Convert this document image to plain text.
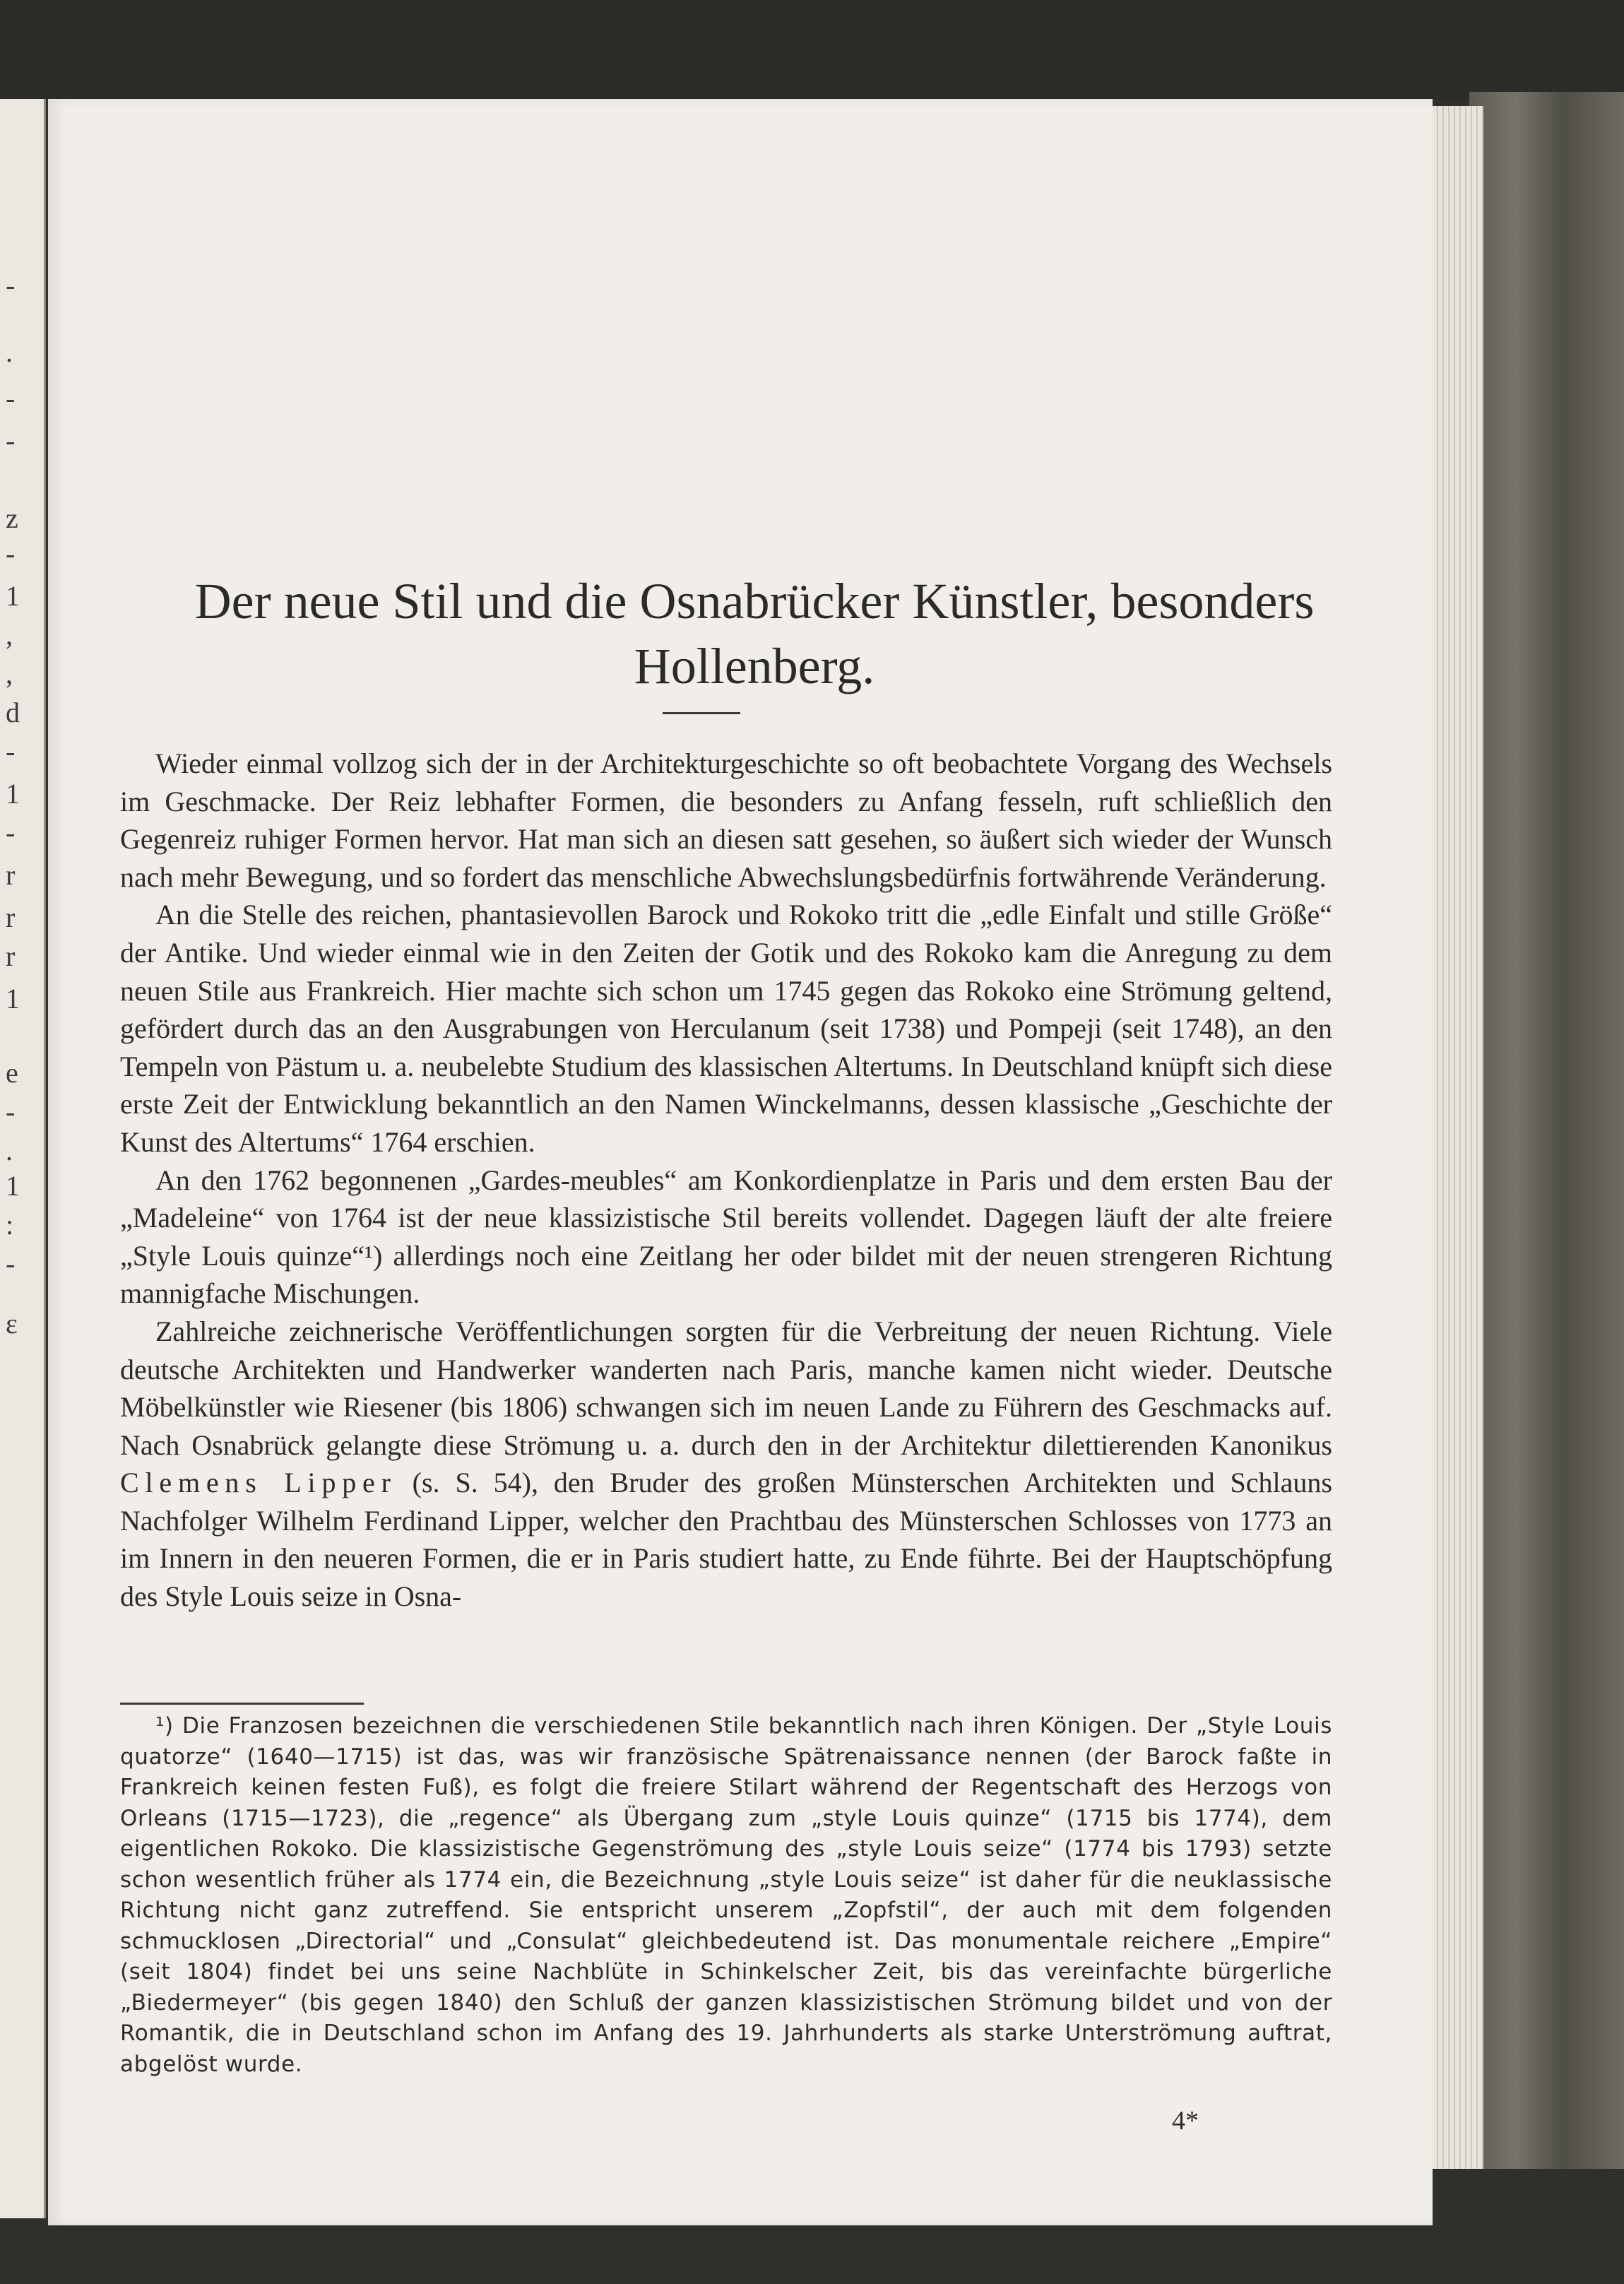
-
.
-
-
z
-
1
,
,
d
-
1
-
r
r
r
1
e
-
.
1
:
-
ε
Der neue Stil und die Osnabrücker Künstler, besonders Hollenberg.

Wieder einmal vollzog sich der in der Architekturgeschichte so oft beobachtete Vorgang des Wechsels im Geschmacke. Der Reiz lebhafter Formen, die besonders zu Anfang fesseln, ruft schließlich den Gegenreiz ruhiger Formen hervor. Hat man sich an diesen satt gesehen, so äußert sich wieder der Wunsch nach mehr Bewegung, und so fordert das menschliche Abwechslungsbedürfnis fortwährende Veränderung.

An die Stelle des reichen, phantasievollen Barock und Rokoko tritt die „edle Einfalt und stille Größe“ der Antike. Und wieder einmal wie in den Zeiten der Gotik und des Rokoko kam die Anregung zu dem neuen Stile aus Frankreich. Hier machte sich schon um 1745 gegen das Rokoko eine Strömung geltend, gefördert durch das an den Ausgrabungen von Herculanum (seit 1738) und Pompeji (seit 1748), an den Tempeln von Pästum u. a. neubelebte Studium des klassischen Altertums. In Deutschland knüpft sich diese erste Zeit der Entwicklung bekanntlich an den Namen Winckelmanns, dessen klassische „Geschichte der Kunst des Altertums“ 1764 erschien.

An den 1762 begonnenen „Gardes-meubles“ am Konkordienplatze in Paris und dem ersten Bau der „Madeleine“ von 1764 ist der neue klassizistische Stil bereits vollendet. Dagegen läuft der alte freiere „Style Louis quinze“¹) allerdings noch eine Zeitlang her oder bildet mit der neuen strengeren Richtung mannigfache Mischungen.

Zahlreiche zeichnerische Veröffentlichungen sorgten für die Verbreitung der neuen Richtung. Viele deutsche Architekten und Handwerker wanderten nach Paris, manche kamen nicht wieder. Deutsche Möbelkünstler wie Riesener (bis 1806) schwangen sich im neuen Lande zu Führern des Geschmacks auf. Nach Osnabrück gelangte diese Strömung u. a. durch den in der Architektur dilettierenden Kanonikus Clemens Lipper (s. S. 54), den Bruder des großen Münsterschen Architekten und Schlauns Nachfolger Wilhelm Ferdinand Lipper, welcher den Prachtbau des Münsterschen Schlosses von 1773 an im Innern in den neueren Formen, die er in Paris studiert hatte, zu Ende führte. Bei der Hauptschöpfung des Style Louis seize in Osna-

¹) Die Franzosen bezeichnen die verschiedenen Stile bekanntlich nach ihren Königen. Der „Style Louis quatorze“ (1640—1715) ist das, was wir französische Spätrenaissance nennen (der Barock faßte in Frankreich keinen festen Fuß), es folgt die freiere Stilart während der Regentschaft des Herzogs von Orleans (1715—1723), die „regence“ als Übergang zum „style Louis quinze“ (1715 bis 1774), dem eigentlichen Rokoko. Die klassizistische Gegenströmung des „style Louis seize“ (1774 bis 1793) setzte schon wesentlich früher als 1774 ein, die Bezeichnung „style Louis seize“ ist daher für die neuklassische Richtung nicht ganz zutreffend. Sie entspricht unserem „Zopfstil“, der auch mit dem folgenden schmucklosen „Directorial“ und „Consulat“ gleichbedeutend ist. Das monumentale reichere „Empire“ (seit 1804) findet bei uns seine Nachblüte in Schinkelscher Zeit, bis das vereinfachte bürgerliche „Biedermeyer“ (bis gegen 1840) den Schluß der ganzen klassizistischen Strömung bildet und von der Romantik, die in Deutschland schon im Anfang des 19. Jahrhunderts als starke Unterströmung auftrat, abgelöst wurde.

4*
